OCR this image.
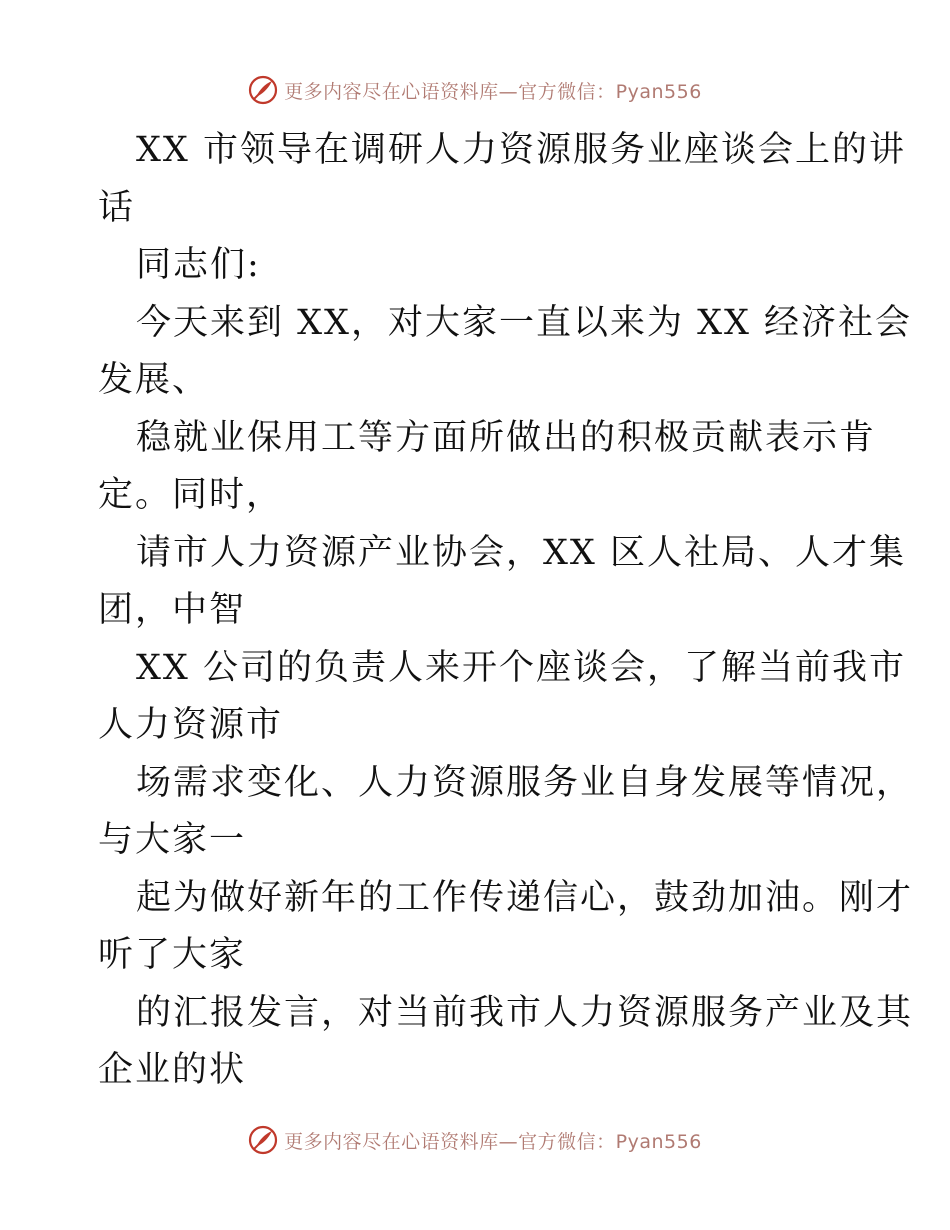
更多内容尽在心语资料库—官方微信：Pyan556
XX 市领导在调研人力资源服务业座谈会上的讲
话
同志们:
今天来到 XX，对大家一直以来为 XX 经济社会
发展、
稳就业保用工等方面所做出的积极贡献表示肯
定。同时，
请市人力资源产业协会，XX 区人社局、人才集
团，中智
XX 公司的负责人来开个座谈会，了解当前我市
人力资源市
场需求变化、人力资源服务业自身发展等情况，
与大家一
起为做好新年的工作传递信心，鼓劲加油。刚才
听了大家
的汇报发言，对当前我市人力资源服务产业及其
企业的状
更多内容尽在心语资料库—官方微信：Pyan556
